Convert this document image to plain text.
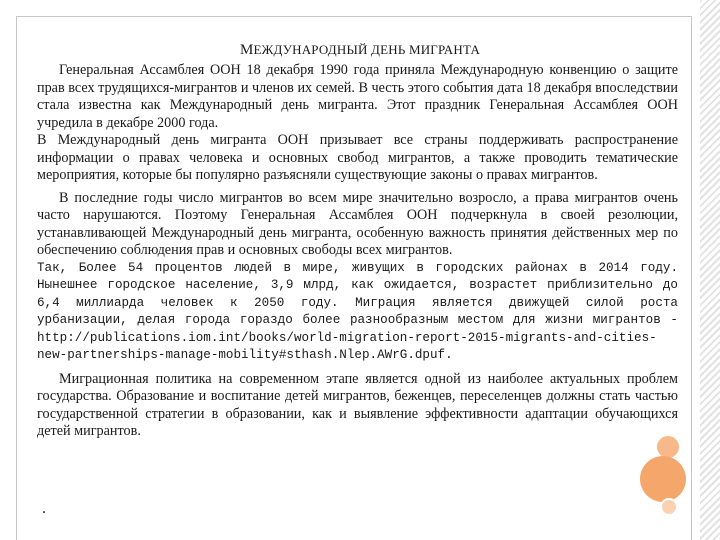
МЕЖДУНАРОДНЫЙ ДЕНЬ МИГРАНТА

Генеральная Ассамблея ООН 18 декабря 1990 года приняла Международную конвенцию о защите прав всех трудящихся-мигрантов и членов их семей. В честь этого события дата 18 декабря впоследствии стала известна как Международный день мигранта. Этот праздник Генеральная Ассамблея ООН учредила в декабре 2000 года.

В Международный день мигранта ООН призывает все страны поддерживать распространение информации о правах человека и основных свобод мигрантов, а также проводить тематические мероприятия, которые бы популярно разъясняли существующие законы о правах мигрантов.

В последние годы число мигрантов во всем мире значительно возросло, а права мигрантов очень часто нарушаются. Поэтому Генеральная Ассамблея ООН подчеркнула в своей резолюции, устанавливающей Международный день мигранта, особенную важность принятия действенных мер по обеспечению соблюдения прав и основных свободы всех мигрантов.

Так, Более 54 процентов людей в мире, живущих в городских районах в 2014 году. Нынешнее городское население, 3,9 млрд, как ожидается, возрастет приблизительно до 6,4 миллиарда человек к 2050 году. Миграция является движущей силой роста урбанизации, делая города гораздо более разнообразным местом для жизни мигрантов - http://publications.iom.int/books/world-migration-report-2015-migrants-and-cities-new-partnerships-manage-mobility#sthash.Nlep.AWrG.dpuf.

Миграционная политика на современном этапе является одной из наиболее актуальных проблем государства. Образование и воспитание детей мигрантов, беженцев, переселенцев должны стать частью государственной стратегии в образовании, как и выявление эффективности адаптации обучающихся детей мигрантов.

.
